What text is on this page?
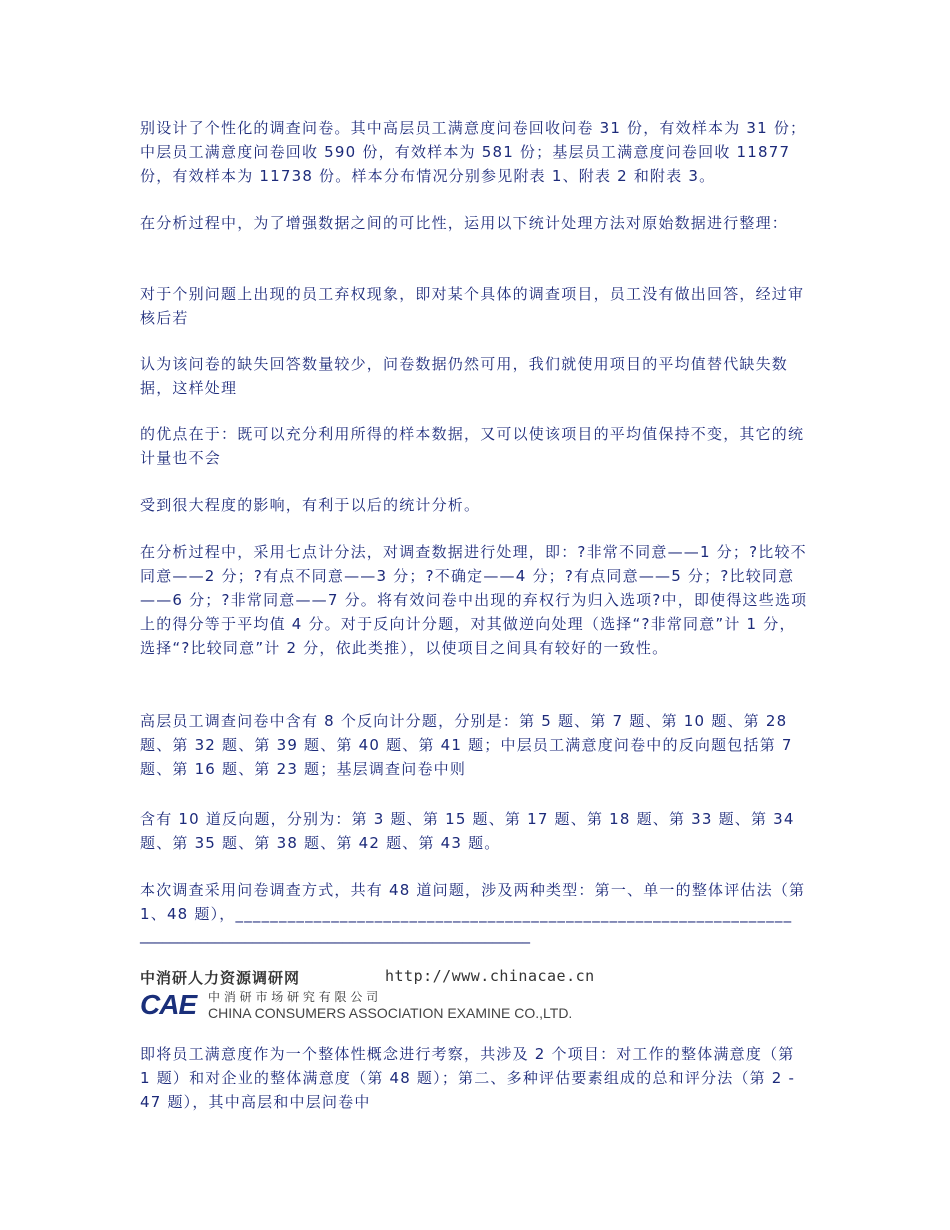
别设计了个性化的调查问卷。其中高层员工满意度问卷回收问卷 31 份，有效样本为 31 份；中层员工满意度问卷回收 590 份，有效样本为 581 份；基层员工满意度问卷回收 11877 份，有效样本为 11738 份。样本分布情况分别参见附表 1、附表 2 和附表 3。

在分析过程中，为了增强数据之间的可比性，运用以下统计处理方法对原始数据进行整理：

对于个别问题上出现的员工弃权现象，即对某个具体的调查项目，员工没有做出回答，经过审核后若

认为该问卷的缺失回答数量较少，问卷数据仍然可用，我们就使用项目的平均值替代缺失数据，这样处理

的优点在于：既可以充分利用所得的样本数据，又可以使该项目的平均值保持不变，其它的统计量也不会

受到很大程度的影响，有利于以后的统计分析。

在分析过程中，采用七点计分法，对调查数据进行处理，即：?非常不同意——1 分；?比较不同意——2 分；?有点不同意——3 分；?不确定——4 分；?有点同意——5 分；?比较同意——6 分；?非常同意——7 分。将有效问卷中出现的弃权行为归入选项?中，即使得这些选项上的得分等于平均值 4 分。对于反向计分题，对其做逆向处理（选择“?非常同意”计 1 分，选择“?比较同意”计 2 分，依此类推），以使项目之间具有较好的一致性。

高层员工调查问卷中含有 8 个反向计分题，分别是：第 5 题、第 7 题、第 10 题、第 28 题、第 32 题、第 39 题、第 40 题、第 41 题；中层员工满意度问卷中的反向题包括第 7 题、第 16 题、第 23 题；基层调查问卷中则

含有 10 道反向题，分别为：第 3 题、第 15 题、第 17 题、第 18 题、第 33 题、第 34 题、第 35 题、第 38 题、第 42 题、第 43 题。

本次调查采用问卷调查方式，共有 48 道问题，涉及两种类型：第一、单一的整体评估法（第 1、48 题），________________________________________________________________

____________________________________________________
中消研人力资源调研网	http://www.chinacae.cn
CAE 中 消 研 市 场 研 究 有 限 公 司
CHINA CONSUMERS ASSOCIATION EXAMINE CO.,LTD.

即将员工满意度作为一个整体性概念进行考察，共涉及 2 个项目：对工作的整体满意度（第 1 题）和对企业的整体满意度（第 48 题）；第二、多种评估要素组成的总和评分法（第 2 - 47 题），其中高层和中层问卷中
